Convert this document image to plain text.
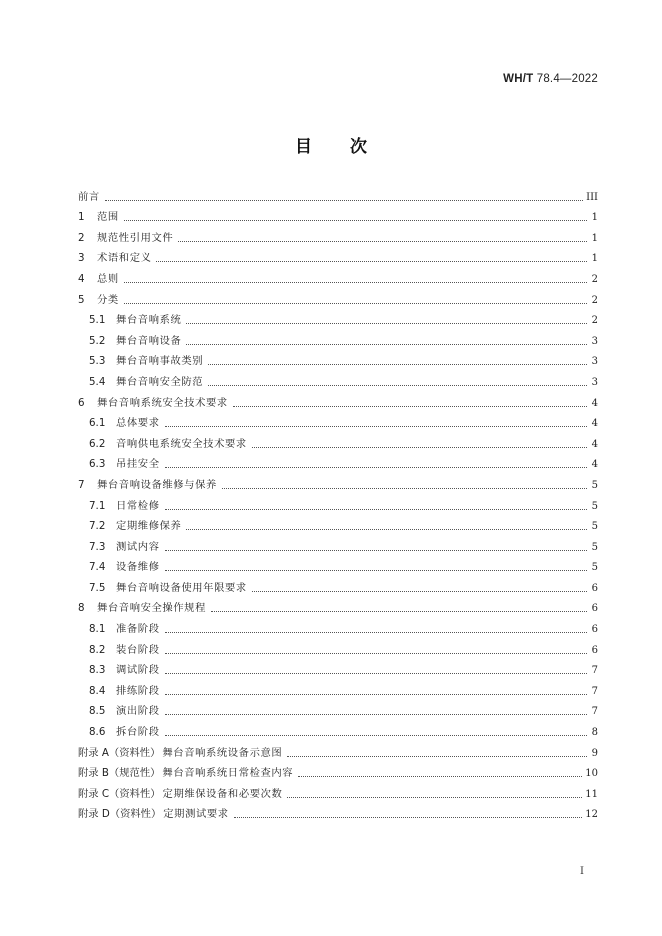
WH/T 78.4—2022
目次
前言	III
1	范围	1
2	规范性引用文件	1
3	术语和定义	1
4	总则	2
5	分类	2
5.1	舞台音响系统	2
5.2	舞台音响设备	3
5.3	舞台音响事故类别	3
5.4	舞台音响安全防范	3
6	舞台音响系统安全技术要求	4
6.1	总体要求	4
6.2	音响供电系统安全技术要求	4
6.3	吊挂安全	4
7	舞台音响设备维修与保养	5
7.1	日常检修	5
7.2	定期维修保养	5
7.3	测试内容	5
7.4	设备维修	5
7.5	舞台音响设备使用年限要求	6
8	舞台音响安全操作规程	6
8.1	准备阶段	6
8.2	装台阶段	6
8.3	调试阶段	7
8.4	排练阶段	7
8.5	演出阶段	7
8.6	拆台阶段	8
附录 A（资料性） 舞台音响系统设备示意图	9
附录 B（规范性） 舞台音响系统日常检查内容	10
附录 C（资料性） 定期维保设备和必要次数	11
附录 D（资料性） 定期测试要求	12
I
